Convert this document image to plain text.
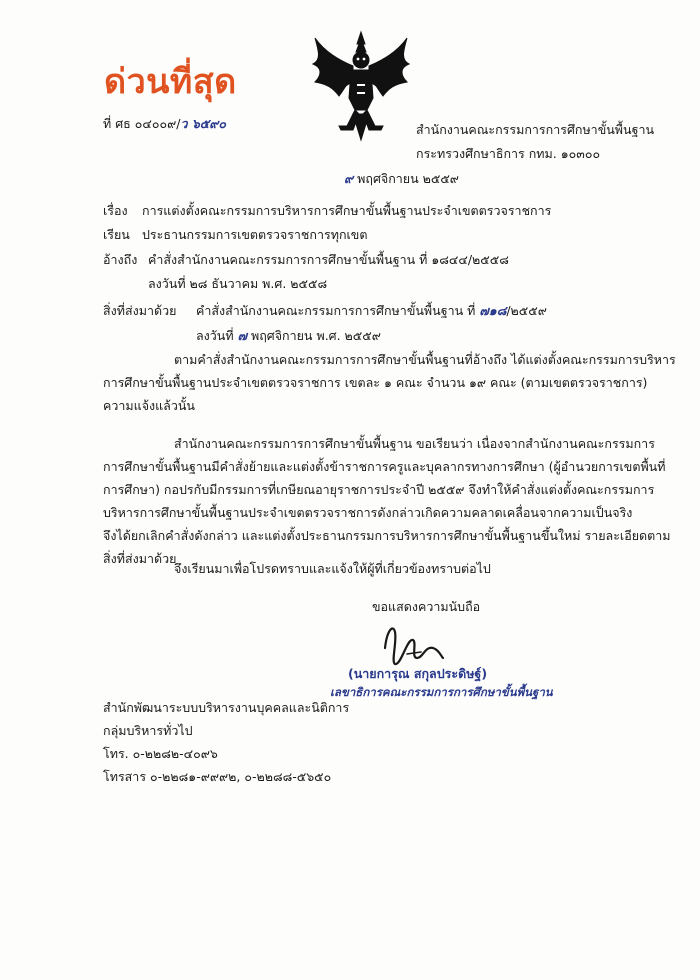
ด่วนที่สุด
ที่ ศธ ๐๔๐๐๙/ว ๖๕๙๐	สำนักงานคณะกรรมการการศึกษาขั้นพื้นฐาน
กระทรวงศึกษาธิการ กทม. ๑๐๓๐๐
๙ พฤศจิกายน ๒๕๕๙
เรื่อง การแต่งตั้งคณะกรรมการบริหารการศึกษาขั้นพื้นฐานประจำเขตตรวจราชการ
เรียน ประธานกรรมการเขตตรวจราชการทุกเขต
อ้างถึง คำสั่งสำนักงานคณะกรรมการการศึกษาขั้นพื้นฐาน ที่ ๑๘๔๔/๒๕๕๘
ลงวันที่ ๒๘ ธันวาคม พ.ศ. ๒๕๕๘
สิ่งที่ส่งมาด้วย คำสั่งสำนักงานคณะกรรมการการศึกษาขั้นพื้นฐาน ที่ ๗๑๘/๒๕๕๙
ลงวันที่ ๗ พฤศจิกายน พ.ศ. ๒๕๕๙
ตามคำสั่งสำนักงานคณะกรรมการการศึกษาขั้นพื้นฐานที่อ้างถึง ได้แต่งตั้งคณะกรรมการบริหาร
การศึกษาขั้นพื้นฐานประจำเขตตรวจราชการ เขตละ ๑ คณะ จำนวน ๑๙ คณะ (ตามเขตตรวจราชการ)
ความแจ้งแล้วนั้น
สำนักงานคณะกรรมการการศึกษาขั้นพื้นฐาน ขอเรียนว่า เนื่องจากสำนักงานคณะกรรมการ
การศึกษาขั้นพื้นฐานมีคำสั่งย้ายและแต่งตั้งข้าราชการครูและบุคลากรทางการศึกษา (ผู้อำนวยการเขตพื้นที่
การศึกษา) กอปรกับมีกรรมการที่เกษียณอายุราชการประจำปี ๒๕๕๙ จึงทำให้คำสั่งแต่งตั้งคณะกรรมการ
บริหารการศึกษาขั้นพื้นฐานประจำเขตตรวจราชการดังกล่าวเกิดความคลาดเคลื่อนจากความเป็นจริง
จึงได้ยกเลิกคำสั่งดังกล่าว และแต่งตั้งประธานกรรมการบริหารการศึกษาขั้นพื้นฐานขึ้นใหม่ รายละเอียดตาม
สิ่งที่ส่งมาด้วย
จึงเรียนมาเพื่อโปรดทราบและแจ้งให้ผู้ที่เกี่ยวข้องทราบต่อไป
ขอแสดงความนับถือ
(นายการุณ สกุลประดิษฐ์)
เลขาธิการคณะกรรมการการศึกษาขั้นพื้นฐาน
สำนักพัฒนาระบบบริหารงานบุคคลและนิติการ
กลุ่มบริหารทั่วไป
โทร. ๐-๒๒๘๒-๔๐๙๖
โทรสาร ๐-๒๒๘๑-๙๙๙๒, ๐-๒๒๘๘-๕๖๕๐
